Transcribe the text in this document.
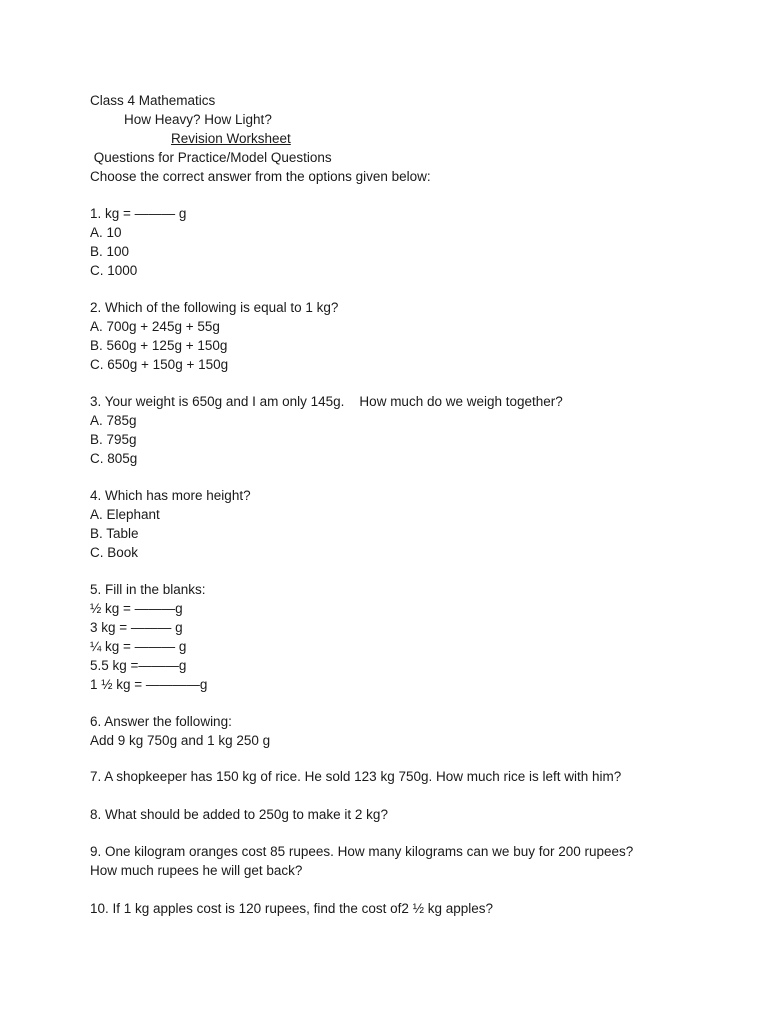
Class 4 Mathematics
How Heavy? How Light?
Revision Worksheet
Questions for Practice/Model Questions
Choose the correct answer from the options given below:
1. kg = ——— g
A. 10
B. 100
C. 1000
2. Which of the following is equal to 1 kg?
A. 700g + 245g + 55g
B. 560g + 125g + 150g
C. 650g + 150g + 150g
3. Your weight is 650g and I am only 145g.    How much do we weigh together?
A. 785g
B. 795g
C. 805g
4. Which has more height?
A. Elephant
B. Table
C. Book
5. Fill in the blanks:
½ kg = ———g
3 kg = ——— g
¼ kg = ——— g
5.5 kg =———g
1 ½ kg = ————g
6. Answer the following:
Add 9 kg 750g and 1 kg 250 g
7. A shopkeeper has 150 kg of rice. He sold 123 kg 750g. How much rice is left with him?
8. What should be added to 250g to make it 2 kg?
9. One kilogram oranges cost 85 rupees. How many kilograms can we buy for 200 rupees?
How much rupees he will get back?
10. If 1 kg apples cost is 120 rupees, find the cost of2 ½ kg apples?
